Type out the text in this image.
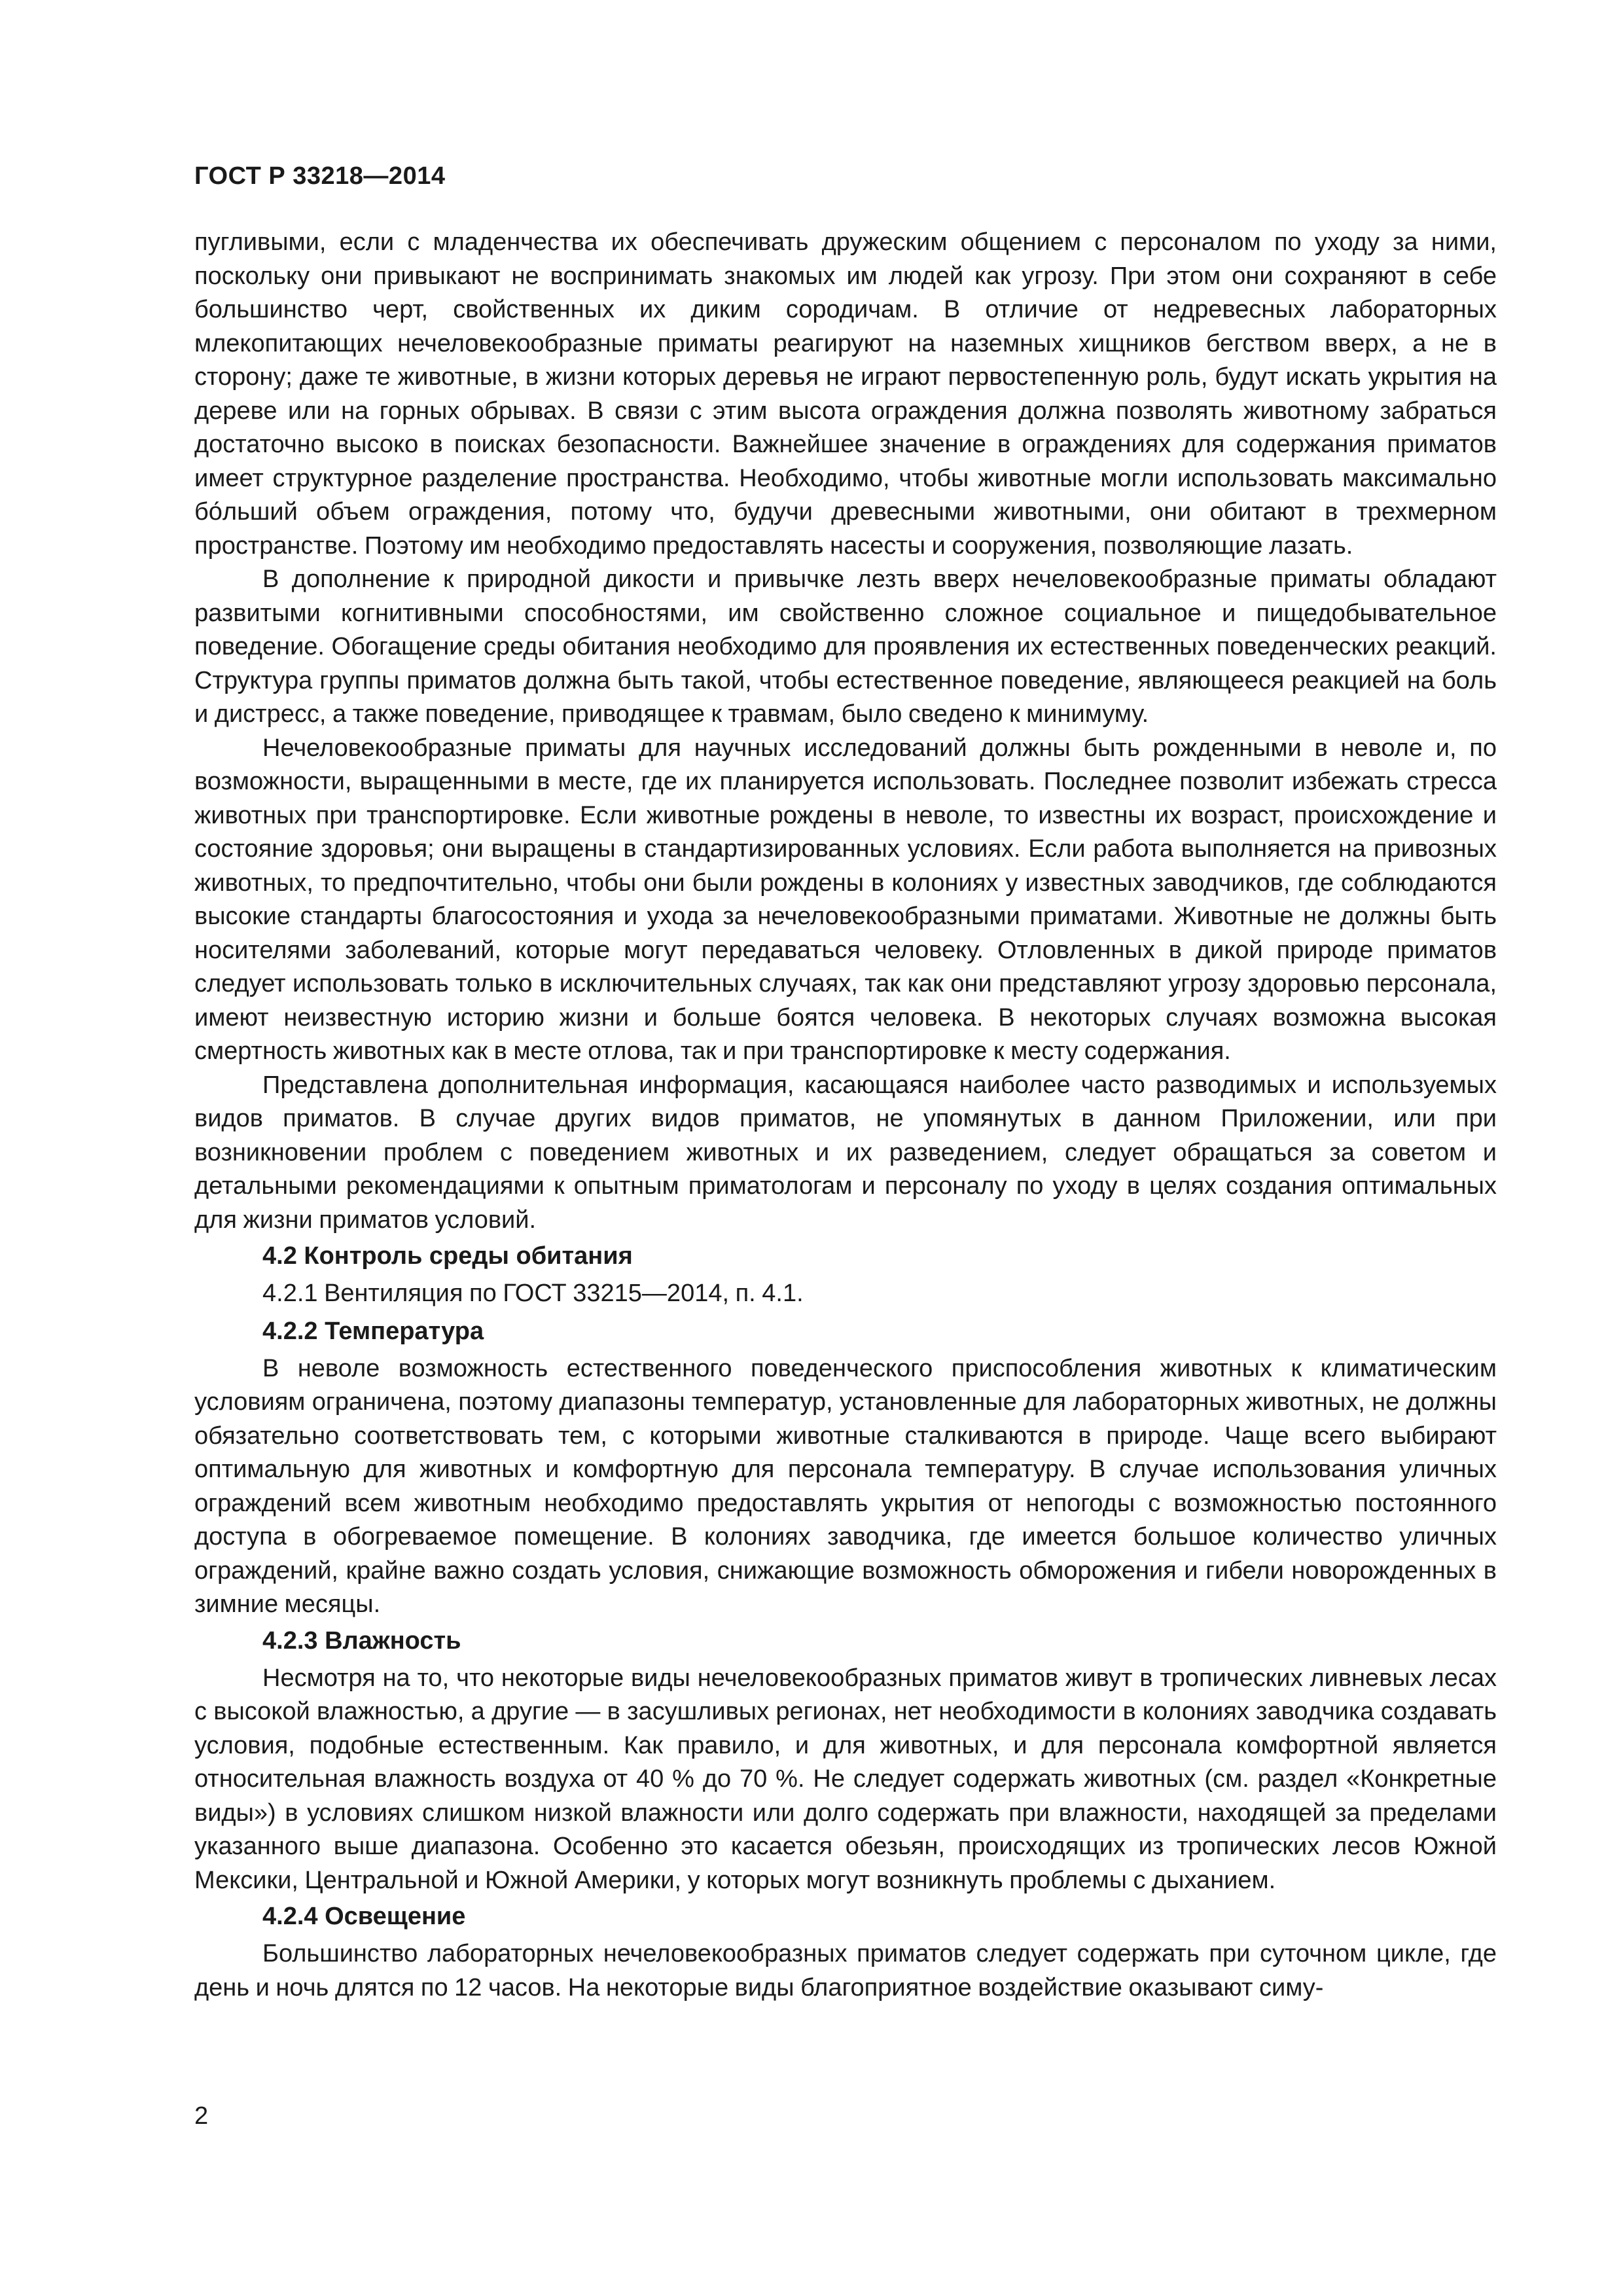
ГОСТ Р 33218—2014

пугливыми, если с младенчества их обеспечивать дружеским общением с персоналом по уходу за ними, поскольку они привыкают не воспринимать знакомых им людей как угрозу. При этом они сохраняют в себе большинство черт, свойственных их диким сородичам. В отличие от недревесных лабораторных млекопитающих нечеловекообразные приматы реагируют на наземных хищников бегством вверх, а не в сторону; даже те животные, в жизни которых деревья не играют первостепенную роль, будут искать укрытия на дереве или на горных обрывах. В связи с этим высота ограждения должна позволять животному забраться достаточно высоко в поисках безопасности. Важнейшее значение в ограждениях для содержания приматов имеет структурное разделение пространства. Необходимо, чтобы животные могли использовать максимально бо́льший объем ограждения, потому что, будучи древесными животными, они обитают в трехмерном пространстве. Поэтому им необходимо предоставлять насесты и сооружения, позволяющие лазать.

В дополнение к природной дикости и привычке лезть вверх нечеловекообразные приматы обладают развитыми когнитивными способностями, им свойственно сложное социальное и пищедобывательное поведение. Обогащение среды обитания необходимо для проявления их естественных поведенческих реакций. Структура группы приматов должна быть такой, чтобы естественное поведение, являющееся реакцией на боль и дистресс, а также поведение, приводящее к травмам, было сведено к минимуму.

Нечеловекообразные приматы для научных исследований должны быть рожденными в неволе и, по возможности, выращенными в месте, где их планируется использовать. Последнее позволит избежать стресса животных при транспортировке. Если животные рождены в неволе, то известны их возраст, происхождение и состояние здоровья; они выращены в стандартизированных условиях. Если работа выполняется на привозных животных, то предпочтительно, чтобы они были рождены в колониях у известных заводчиков, где соблюдаются высокие стандарты благосостояния и ухода за нечеловекообразными приматами. Животные не должны быть носителями заболеваний, которые могут передаваться человеку. Отловленных в дикой природе приматов следует использовать только в исключительных случаях, так как они представляют угрозу здоровью персонала, имеют неизвестную историю жизни и больше боятся человека. В некоторых случаях возможна высокая смертность животных как в месте отлова, так и при транспортировке к месту содержания.

Представлена дополнительная информация, касающаяся наиболее часто разводимых и используемых видов приматов. В случае других видов приматов, не упомянутых в данном Приложении, или при возникновении проблем с поведением животных и их разведением, следует обращаться за советом и детальными рекомендациями к опытным приматологам и персоналу по уходу в целях создания оптимальных для жизни приматов условий.

4.2 Контроль среды обитания

4.2.1 Вентиляция по ГОСТ 33215—2014, п. 4.1.

4.2.2 Температура

В неволе возможность естественного поведенческого приспособления животных к климатическим условиям ограничена, поэтому диапазоны температур, установленные для лабораторных животных, не должны обязательно соответствовать тем, с которыми животные сталкиваются в природе. Чаще всего выбирают оптимальную для животных и комфортную для персонала температуру. В случае использования уличных ограждений всем животным необходимо предоставлять укрытия от непогоды с возможностью постоянного доступа в обогреваемое помещение. В колониях заводчика, где имеется большое количество уличных ограждений, крайне важно создать условия, снижающие возможность обморожения и гибели новорожденных в зимние месяцы.

4.2.3 Влажность

Несмотря на то, что некоторые виды нечеловекообразных приматов живут в тропических ливневых лесах с высокой влажностью, а другие — в засушливых регионах, нет необходимости в колониях заводчика создавать условия, подобные естественным. Как правило, и для животных, и для персонала комфортной является относительная влажность воздуха от 40 % до 70 %. Не следует содержать животных (см. раздел «Конкретные виды») в условиях слишком низкой влажности или долго содержать при влажности, находящей за пределами указанного выше диапазона. Особенно это касается обезьян, происходящих из тропических лесов Южной Мексики, Центральной и Южной Америки, у которых могут возникнуть проблемы с дыханием.

4.2.4 Освещение

Большинство лабораторных нечеловекообразных приматов следует содержать при суточном цикле, где день и ночь длятся по 12 часов. На некоторые виды благоприятное воздействие оказывают симу-

2
